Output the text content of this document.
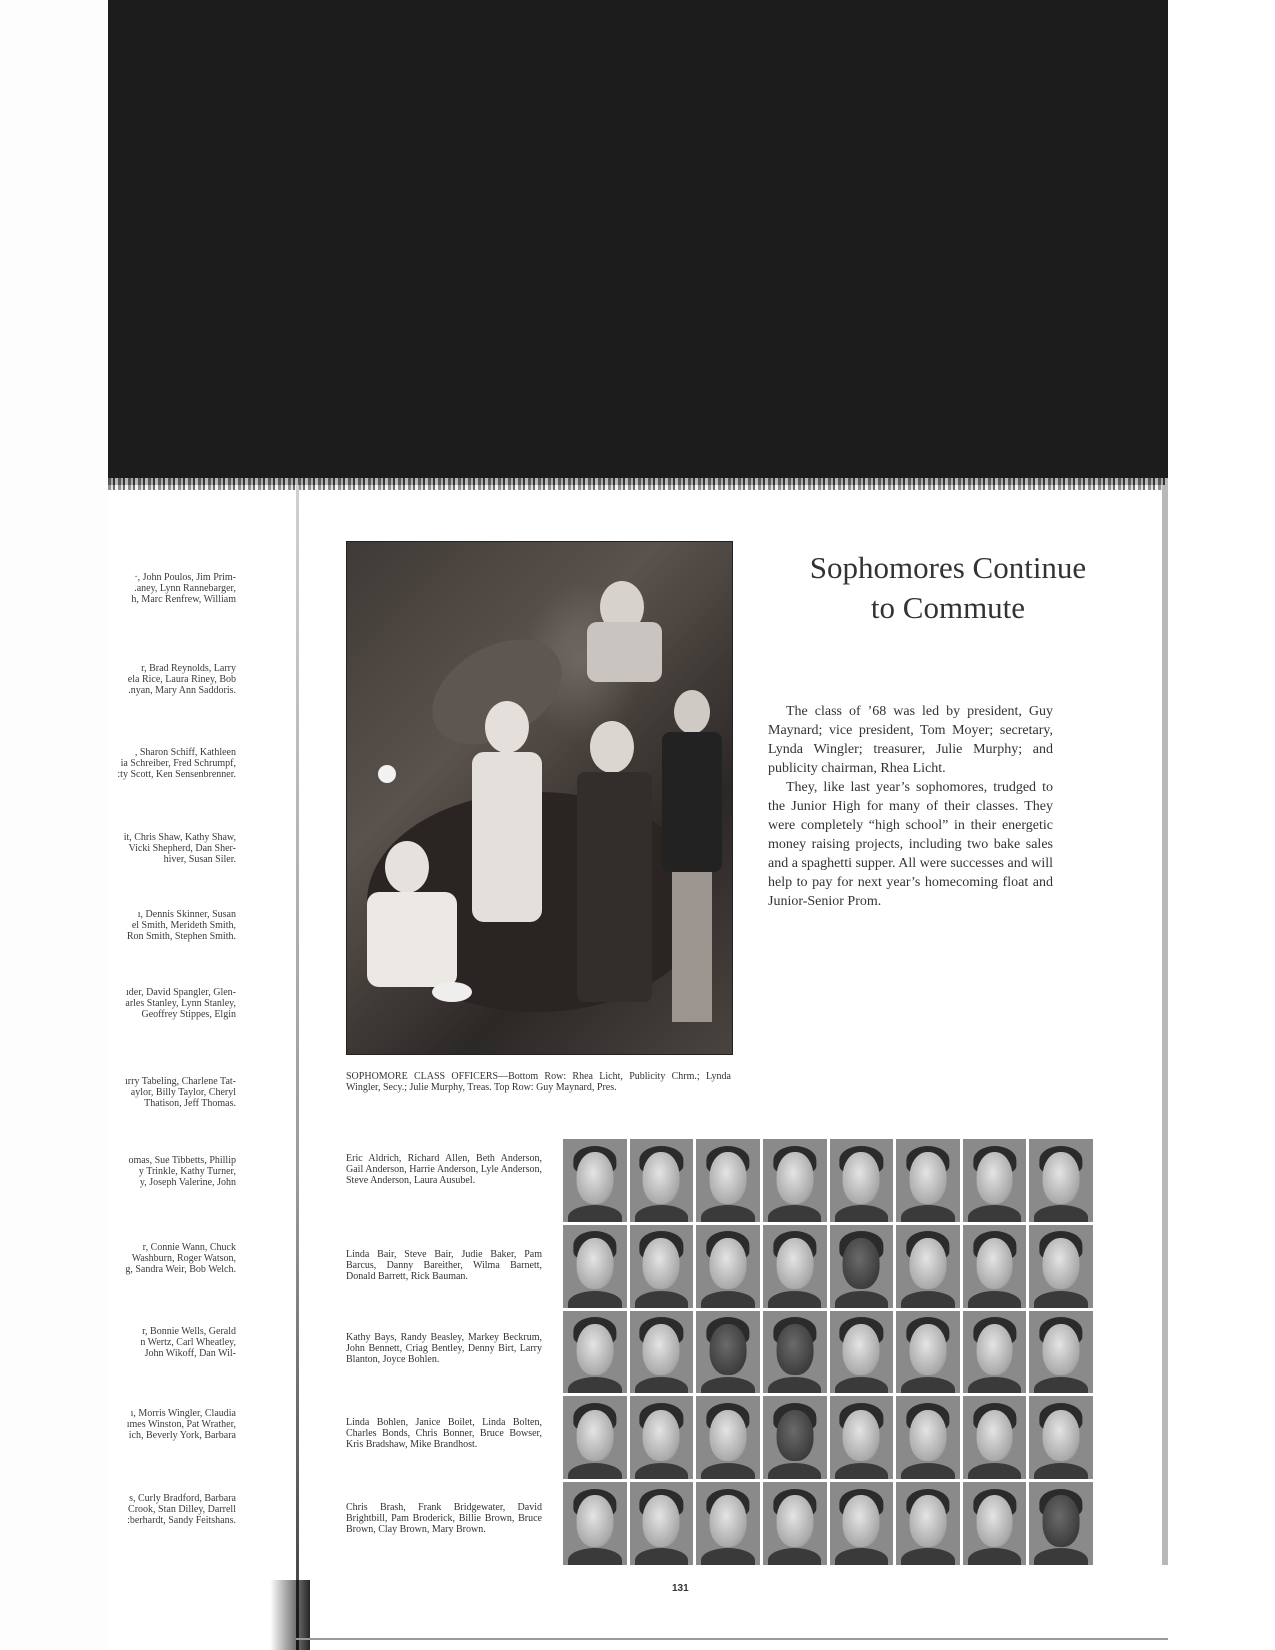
·, John Poulos, Jim Prim-
.aney, Lynn Rannebarger,
h, Marc Renfrew, William
r, Brad Reynolds, Larry
ela Rice, Laura Riney, Bob
.nyan, Mary Ann Saddoris.
, Sharon Schiff, Kathleen
ia Schreiber, Fred Schrumpf,
:ty Scott, Ken Sensenbrenner.
it, Chris Shaw, Kathy Shaw,
Vicki Shepherd, Dan Sher-
hiver, Susan Siler.
ı, Dennis Skinner, Susan
el Smith, Merideth Smith,
Ron Smith, Stephen Smith.
ıder, David Spangler, Glen-
arles Stanley, Lynn Stanley,
Geoffrey Stippes, Elgin
ırry Tabeling, Charlene Tat-
aylor, Billy Taylor, Cheryl
Thatison, Jeff Thomas.
omas, Sue Tibbetts, Phillip
y Trinkle, Kathy Turner,
y, Joseph Valerine, John
r, Connie Wann, Chuck
Washburn, Roger Watson,
g, Sandra Weir, Bob Welch.
r, Bonnie Wells, Gerald
n Wertz, Carl Wheatley,
John Wikoff, Dan Wil-
ı, Morris Wingler, Claudia
ımes Winston, Pat Wrather,
ich, Beverly York, Barbara
s, Curly Bradford, Barbara
Crook, Stan Dilley, Darrell
:berhardt, Sandy Feitshans.
Sophomores Continue
to Commute

The class of ’68 was led by president, Guy Maynard; vice president, Tom Moyer; secretary, Lynda Wingler; treasurer, Julie Murphy; and publicity chairman, Rhea Licht.

They, like last year’s sophomores, trudged to the Junior High for many of their classes. They were completely “high school” in their energetic money raising projects, including two bake sales and a spaghetti supper. All were successes and will help to pay for next year’s homecoming float and Junior-Senior Prom.

SOPHOMORE CLASS OFFICERS—Bottom Row: Rhea Licht, Publicity Chrm.; Lynda Wingler, Secy.; Julie Murphy, Treas. Top Row: Guy Maynard, Pres.
Eric Aldrich, Richard Allen, Beth Anderson, Gail Anderson, Harrie Anderson, Lyle Anderson, Steve Anderson, Laura Ausubel.
Linda Bair, Steve Bair, Judie Baker, Pam Barcus, Danny Bareither, Wilma Barnett, Donald Barrett, Rick Bauman.
Kathy Bays, Randy Beasley, Markey Beckrum, John Bennett, Criag Bentley, Denny Birt, Larry Blanton, Joyce Bohlen.
Linda Bohlen, Janice Boilet, Linda Bolten, Charles Bonds, Chris Bonner, Bruce Bowser, Kris Bradshaw, Mike Brandhost.
Chris Brash, Frank Bridgewater, David Brightbill, Pam Broderick, Billie Brown, Bruce Brown, Clay Brown, Mary Brown.
131
